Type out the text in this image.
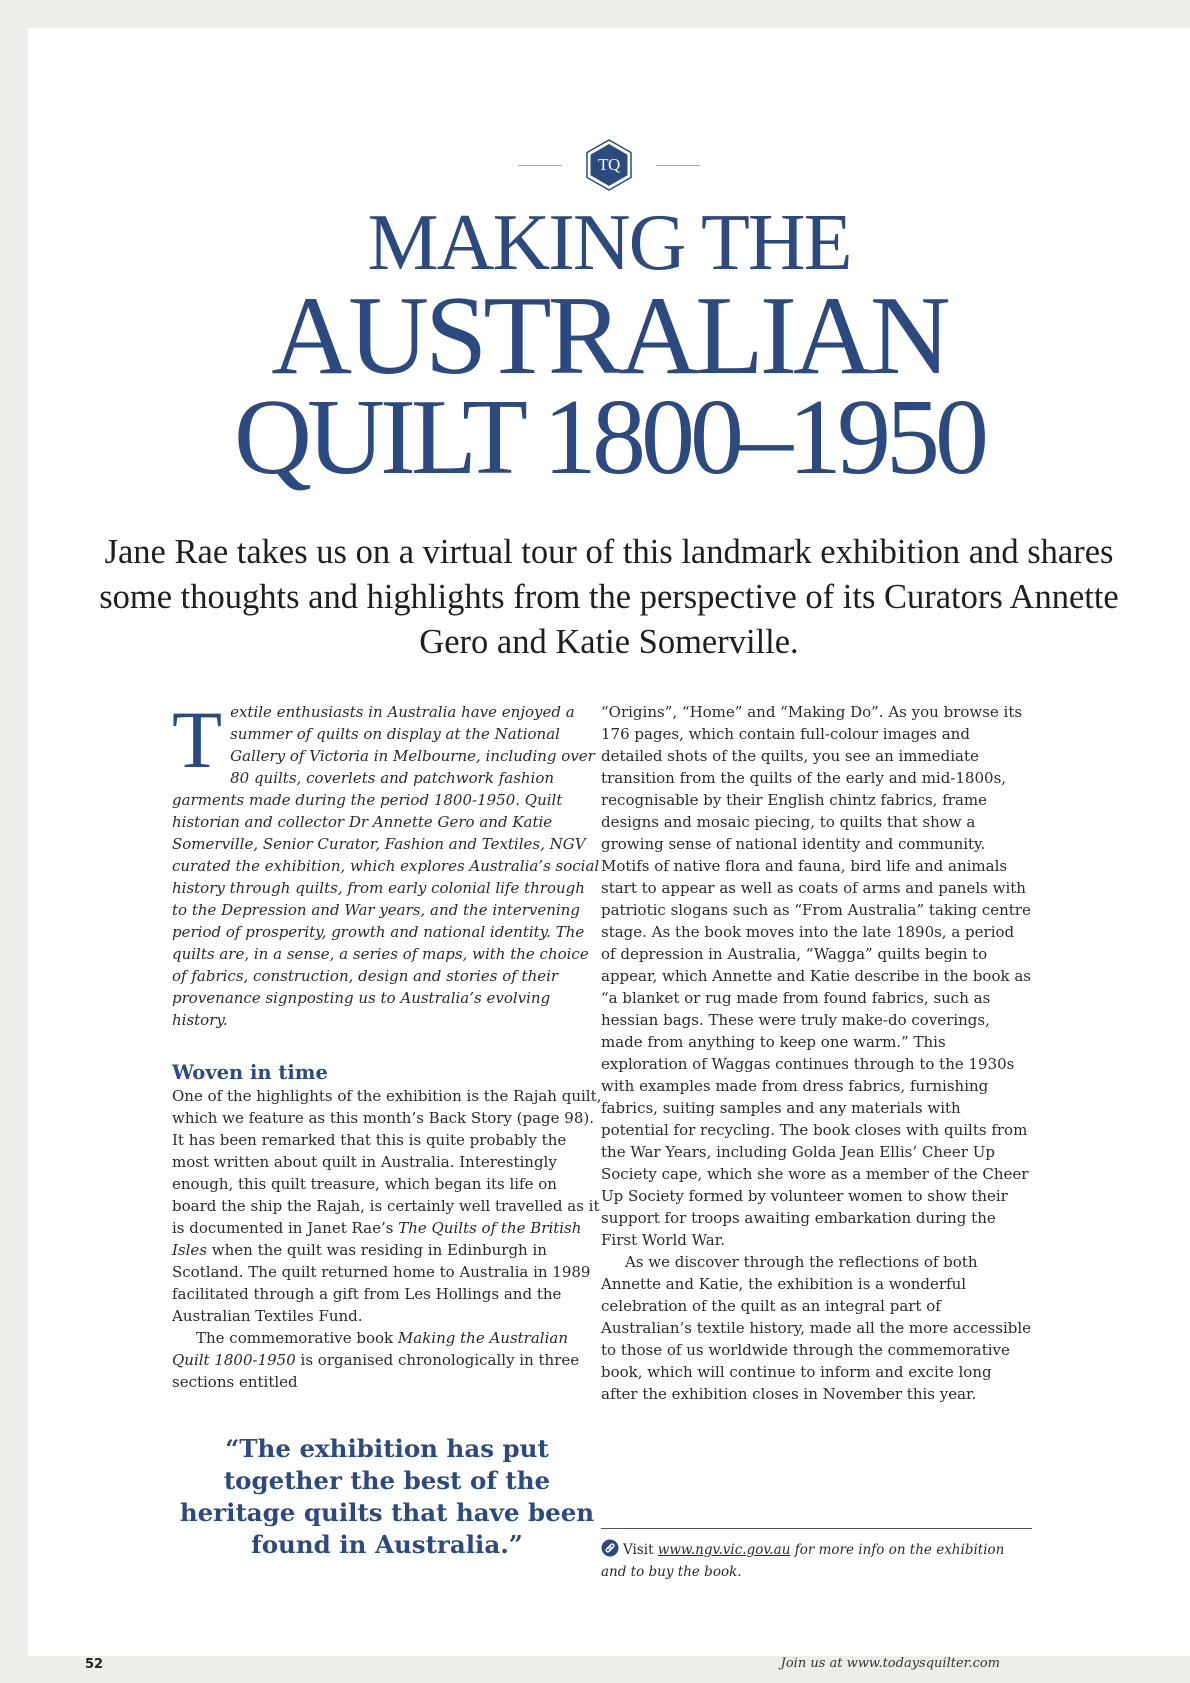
TQ
MAKING THE
AUSTRALIAN
QUILT 1800–1950

Jane Rae takes us on a virtual tour of this landmark exhibition and shares some thoughts and highlights from the perspective of its Curators Annette Gero and Katie Somerville.

Textile enthusiasts in Australia have enjoyed a summer of quilts on display at the National Gallery of Victoria in Melbourne, including over 80 quilts, coverlets and patchwork fashion garments made during the period 1800-1950. Quilt historian and collector Dr Annette Gero and Katie Somerville, Senior Curator, Fashion and Textiles, NGV curated the exhibition, which explores Australia’s social history through quilts, from early colonial life through to the Depression and War years, and the intervening period of prosperity, growth and national identity. The quilts are, in a sense, a series of maps, with the choice of fabrics, construction, design and stories of their provenance signposting us to Australia’s evolving history.

Woven in time

One of the highlights of the exhibition is the Rajah quilt, which we feature as this month’s Back Story (page 98). It has been remarked that this is quite probably the most written about quilt in Australia. Interestingly enough, this quilt treasure, which began its life on board the ship the Rajah, is certainly well travelled as it is documented in Janet Rae’s The Quilts of the British Isles when the quilt was residing in Edinburgh in Scotland. The quilt returned home to Australia in 1989 facilitated through a gift from Les Hollings and the Australian Textiles Fund.

The commemorative book Making the Australian Quilt 1800-1950 is organised chronologically in three sections entitled

“The exhibition has put together the best of the heritage quilts that have been found in Australia.”

“Origins”, “Home” and “Making Do”. As you browse its 176 pages, which contain full-colour images and detailed shots of the quilts, you see an immediate transition from the quilts of the early and mid-1800s, recognisable by their English chintz fabrics, frame designs and mosaic piecing, to quilts that show a growing sense of national identity and community. Motifs of native flora and fauna, bird life and animals start to appear as well as coats of arms and panels with patriotic slogans such as “From Australia” taking centre stage. As the book moves into the late 1890s, a period of depression in Australia, “Wagga” quilts begin to appear, which Annette and Katie describe in the book as “a blanket or rug made from found fabrics, such as hessian bags. These were truly make-do coverings, made from anything to keep one warm.” This exploration of Waggas continues through to the 1930s with examples made from dress fabrics, furnishing fabrics, suiting samples and any materials with potential for recycling. The book closes with quilts from the War Years, including Golda Jean Ellis’ Cheer Up Society cape, which she wore as a member of the Cheer Up Society formed by volunteer women to show their support for troops awaiting embarkation during the First World War.

As we discover through the reflections of both Annette and Katie, the exhibition is a wonderful celebration of the quilt as an integral part of Australian’s textile history, made all the more accessible to those of us worldwide through the commemorative book, which will continue to inform and excite long after the exhibition closes in November this year.

Visit www.ngv.vic.gov.au for more info on the exhibition and to buy the book.
52	Join us at www.todaysquilter.com
